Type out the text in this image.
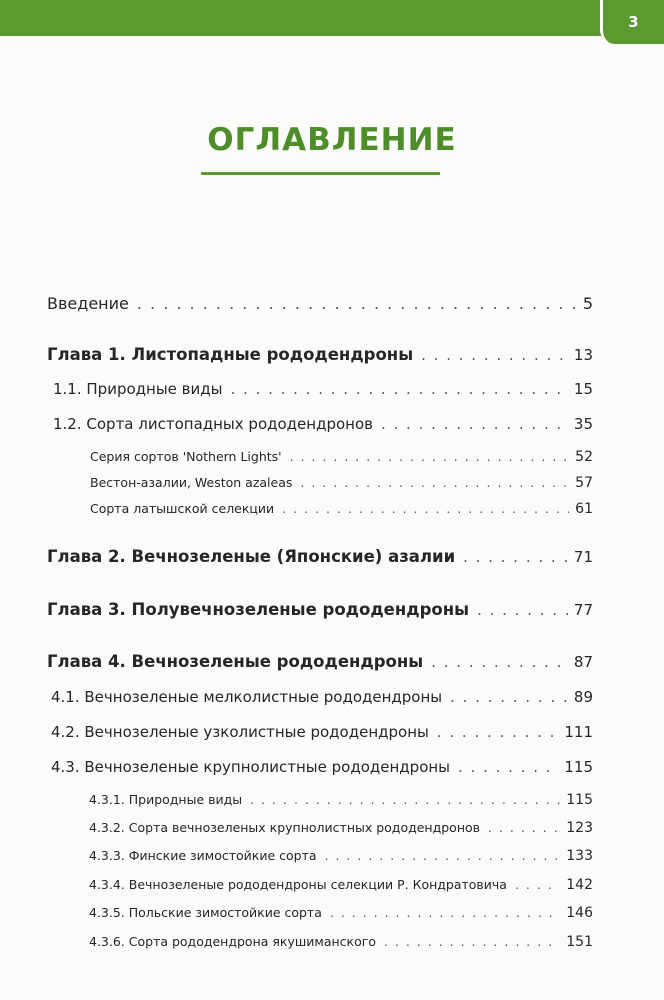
3
ОГЛАВЛЕНИЕ
Введение . . .	5
Глава 1. Листопадные рододендроны . . .	13
1.1. Природные виды . . .	15
1.2. Сорта листопадных рододендронов . . .	35
Серия сортов 'Nothern Lights' . . .	52
Вестон-азалии, Weston azaleas . . .	57
Сорта латышской селекции . . .	61
Глава 2. Вечнозеленые (Японские) азалии . . .	71
Глава 3. Полувечнозеленые рододендроны . . .	77
Глава 4. Вечнозеленые рододендроны . . .	87
4.1. Вечнозеленые мелколистные рододендроны . . .	89
4.2. Вечнозеленые узколистные рододендроны . . .	111
4.3. Вечнозеленые крупнолистные рододендроны . . .	115
4.3.1. Природные виды . . .	115
4.3.2. Сорта вечнозеленых крупнолистных рододендронов . . .	123
4.3.3. Финские зимостойкие сорта . . .	133
4.3.4. Вечнозеленые рододендроны селекции Р. Кондратовича . . .	142
4.3.5. Польские зимостойкие сорта . . .	146
4.3.6. Сорта рододендрона якушиманского . . .	151
